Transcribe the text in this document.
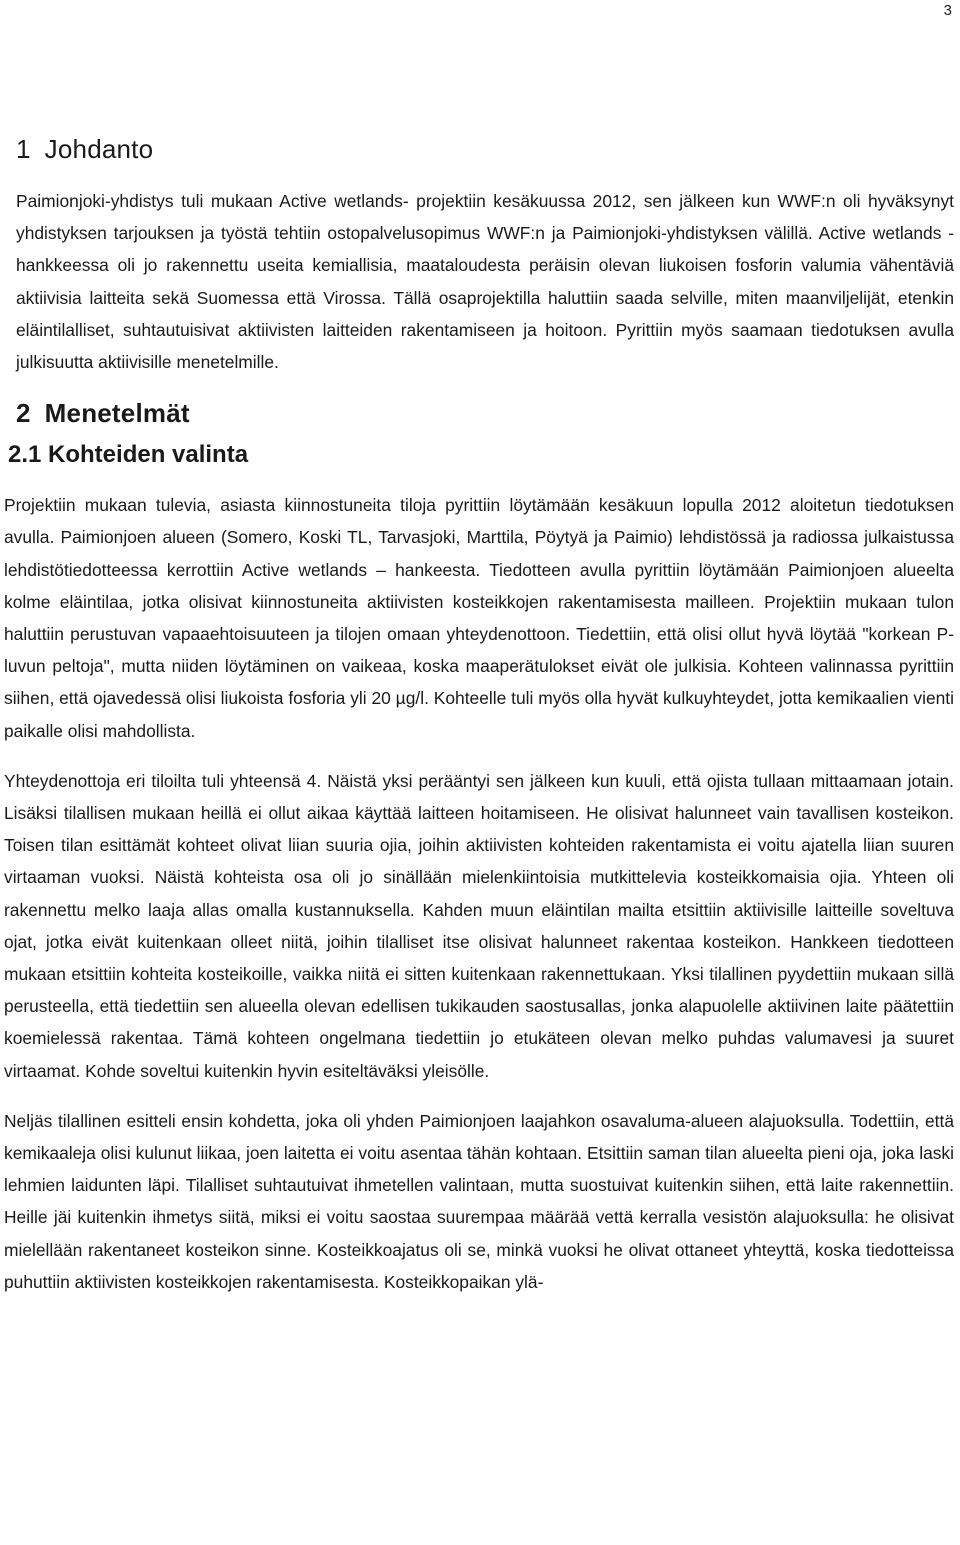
3
1 Johdanto

Paimionjoki-yhdistys tuli mukaan Active wetlands- projektiin kesäkuussa 2012, sen jälkeen kun WWF:n oli hyväksynyt yhdistyksen tarjouksen ja työstä tehtiin ostopalvelusopimus WWF:n ja Paimionjoki-yhdistyksen välillä. Active wetlands -hankkeessa oli jo rakennettu useita kemiallisia, maataloudesta peräisin olevan liukoisen fosforin valumia vähentäviä aktiivisia laitteita sekä Suomessa että Virossa. Tällä osaprojektilla haluttiin saada selville, miten maanviljelijät, etenkin eläintilalliset, suhtautuisivat aktiivisten laitteiden rakentamiseen ja hoitoon. Pyrittiin myös saamaan tiedotuksen avulla julkisuutta aktiivisille menetelmille.

2 Menetelmät
2.1 Kohteiden valinta

Projektiin mukaan tulevia, asiasta kiinnostuneita tiloja pyrittiin löytämään kesäkuun lopulla 2012 aloitetun tiedotuksen avulla. Paimionjoen alueen (Somero, Koski TL, Tarvasjoki, Marttila, Pöytyä ja Paimio) lehdistössä ja radiossa julkaistussa lehdistötiedotteessa kerrottiin Active wetlands – hankeesta. Tiedotteen avulla pyrittiin löytämään Paimionjoen alueelta kolme eläintilaa, jotka olisivat kiinnostuneita aktiivisten kosteikkojen rakentamisesta mailleen. Projektiin mukaan tulon haluttiin perustuvan vapaaehtoisuuteen ja tilojen omaan yhteydenottoon. Tiedettiin, että olisi ollut hyvä löytää "korkean P-luvun peltoja", mutta niiden löytäminen on vaikeaa, koska maaperätulokset eivät ole julkisia. Kohteen valinnassa pyrittiin siihen, että ojavedessä olisi liukoista fosforia yli 20 µg/l. Kohteelle tuli myös olla hyvät kulkuyhteydet, jotta kemikaalien vienti paikalle olisi mahdollista.

Yhteydenottoja eri tiloilta tuli yhteensä 4. Näistä yksi perääntyi sen jälkeen kun kuuli, että ojista tullaan mittaamaan jotain. Lisäksi tilallisen mukaan heillä ei ollut aikaa käyttää laitteen hoitamiseen. He olisivat halunneet vain tavallisen kosteikon. Toisen tilan esittämät kohteet olivat liian suuria ojia, joihin aktiivisten kohteiden rakentamista ei voitu ajatella liian suuren virtaaman vuoksi. Näistä kohteista osa oli jo sinällään mielenkiintoisia mutkittelevia kosteikkomaisia ojia. Yhteen oli rakennettu melko laaja allas omalla kustannuksella. Kahden muun eläintilan mailta etsittiin aktiivisille laitteille soveltuva ojat, jotka eivät kuitenkaan olleet niitä, joihin tilalliset itse olisivat halunneet rakentaa kosteikon. Hankkeen tiedotteen mukaan etsittiin kohteita kosteikoille, vaikka niitä ei sitten kuitenkaan rakennettukaan. Yksi tilallinen pyydettiin mukaan sillä perusteella, että tiedettiin sen alueella olevan edellisen tukikauden saostusallas, jonka alapuolelle aktiivinen laite päätettiin koemielessä rakentaa. Tämä kohteen ongelmana tiedettiin jo etukäteen olevan melko puhdas valumavesi ja suuret virtaamat. Kohde soveltui kuitenkin hyvin esiteltäväksi yleisölle.

Neljäs tilallinen esitteli ensin kohdetta, joka oli yhden Paimionjoen laajahkon osavaluma-alueen alajuoksulla. Todettiin, että kemikaaleja olisi kulunut liikaa, joen laitetta ei voitu asentaa tähän kohtaan. Etsittiin saman tilan alueelta pieni oja, joka laski lehmien laidunten läpi. Tilalliset suhtautuivat ihmetellen valintaan, mutta suostuivat kuitenkin siihen, että laite rakennettiin. Heille jäi kuitenkin ihmetys siitä, miksi ei voitu saostaa suurempaa määrää vettä kerralla vesistön alajuoksulla: he olisivat mielellään rakentaneet kosteikon sinne. Kosteikkoajatus oli se, minkä vuoksi he olivat ottaneet yhteyttä, koska tiedotteissa puhuttiin aktiivisten kosteikkojen rakentamisesta. Kosteikkopaikan ylä-
